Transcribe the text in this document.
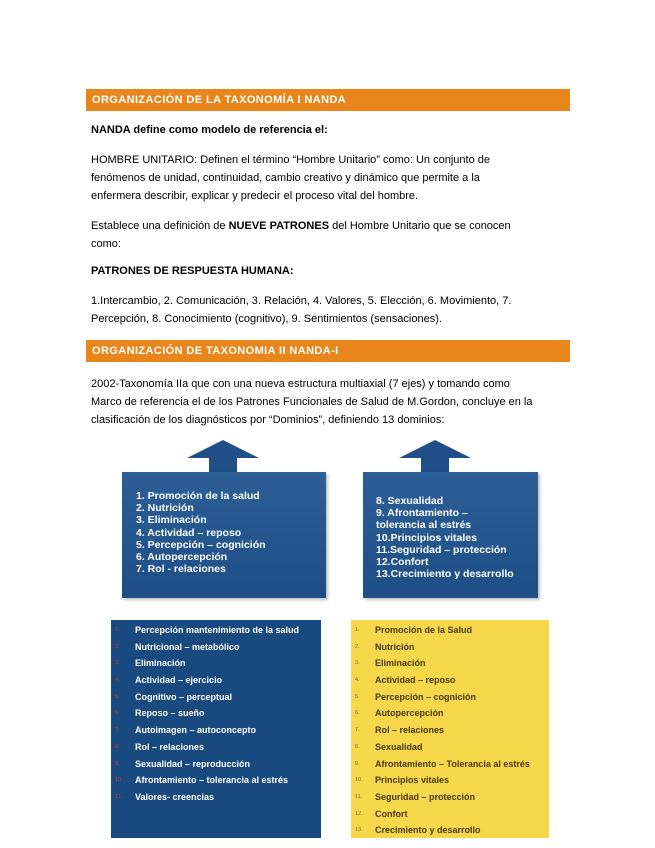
ORGANIZACIÓN DE LA TAXONOMÍA I NANDA
NANDA define como modelo de referencia el:
HOMBRE UNITARIO: Definen el término “Hombre Unitario” como: Un conjunto de
fenómenos de unidad, continuidad, cambio creativo y dinámico que permite a la
enfermera describir, explicar y predecir el proceso vital del hombre.
Establece una definición de NUEVE PATRONES del Hombre Unitario que se conocen
como:
PATRONES DE RESPUESTA HUMANA:
1.Intercambio, 2. Comunicación, 3. Relación, 4. Valores, 5. Elección, 6. Movimiento, 7.
Percepción, 8. Conocimiento (cognitivo), 9. Sentimientos (sensaciones).
ORGANIZACIÓN DE TAXONOMIA II NANDA-I
2002-Taxonomía IIa que con una nueva estructura multiaxial (7 ejes) y tomando como
Marco de referencia el de los Patrones Funcionales de Salud de M.Gordon, concluye en la
clasificación de los diagnósticos por “Dominios”, definiendo 13 dominios:
1. Promoción de la salud
2. Nutrición
3. Eliminación
4. Actividad – reposo
5. Percepción – cognición
6. Autopercepción
7. Rol - relaciones
8. Sexualidad
9. Afrontamiento –
tolerancia al estrés
10.Principios vitales
11.Seguridad – protección
12.Confort
13.Crecimiento y desarrollo
1. Percepción mantenimiento de la salud
2. Nutricional – metabólico
3. Eliminación
4. Actividad – ejercicio
5. Cognitivo – perceptual
6. Reposo – sueño
7. Autoimagen – autoconcepto
8. Rol – relaciones
9. Sexualidad – reproducción
10. Afrontamiento – tolerancia al estrés
11. Valores- creencias
1. Promoción de la Salud
2. Nutrición
3. Eliminación
4. Actividad – reposo
5. Percepción – cognición
6. Autopercepción
7. Rol – relaciones
8. Sexualidad
9. Afrontamiento – Tolerancia al estrés
10. Principios vitales
11. Seguridad – protección
12. Confort
13. Crecimiento y desarrollo
